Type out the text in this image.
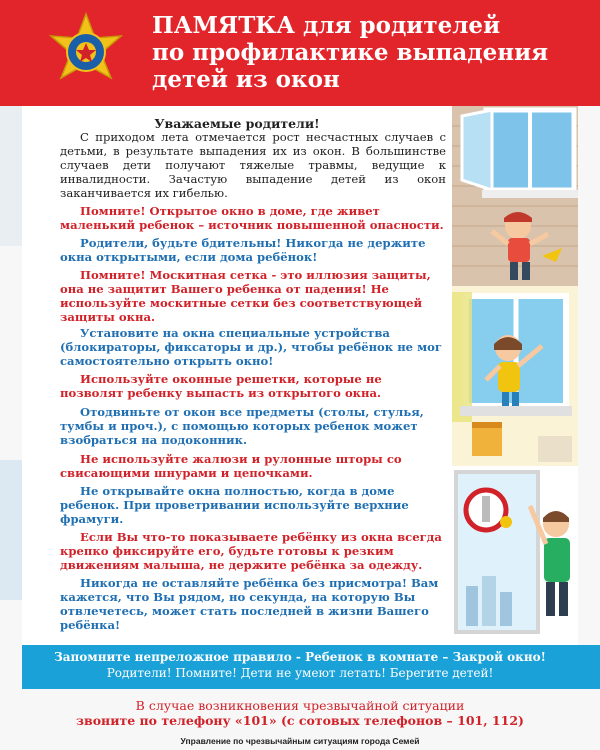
ПАМЯТКА для родителей
по профилактике выпадения
детей из окон
Уважаемые родители!
С приходом лета отмечается рост несчастных случаев с детьми, в результате выпадения их из окон. В большинстве случаев дети получают тяжелые травмы, ведущие к инвалидности. Зачастую выпадение детей из окон заканчивается их гибелью.
Помните! Открытое окно в доме, где живет маленький ребенок – источник повышенной опасности.
Родители, будьте бдительны! Никогда не держите окна открытыми, если дома ребёнок!
Помните! Москитная сетка - это иллюзия защиты, она не защитит Вашего ребенка от падения! Не используйте москитные сетки без соответствующей защиты окна.
Установите на окна специальные устройства (блокираторы, фиксаторы и др.), чтобы ребёнок не мог самостоятельно открыть окно!
Используйте оконные решетки, которые не позволят ребенку выпасть из открытого окна.
Отодвиньте от окон все предметы (столы, стулья, тумбы и проч.), с помощью которых ребенок может взобраться на подоконник.
Не используйте жалюзи и рулонные шторы со свисающими шнурами и цепочками.
Не открывайте окна полностью, когда в доме ребенок. При проветривании используйте верхние фрамуги.
Если Вы что-то показываете ребёнку из окна всегда крепко фиксируйте его, будьте готовы к резким движениям малыша, не держите ребёнка за одежду.
Никогда не оставляйте ребёнка без присмотра! Вам кажется, что Вы рядом, но секунда, на которую Вы отвлечетесь, может стать последней в жизни Вашего ребёнка!
Запомните непреложное правило - Ребенок в комнате – Закрой окно!
Родители! Помните! Дети не умеют летать! Берегите детей!
В случае возникновения чрезвычайной ситуации
звоните по телефону «101» (с сотовых телефонов – 101, 112)
Управление по чрезвычайным ситуациям города Семей
